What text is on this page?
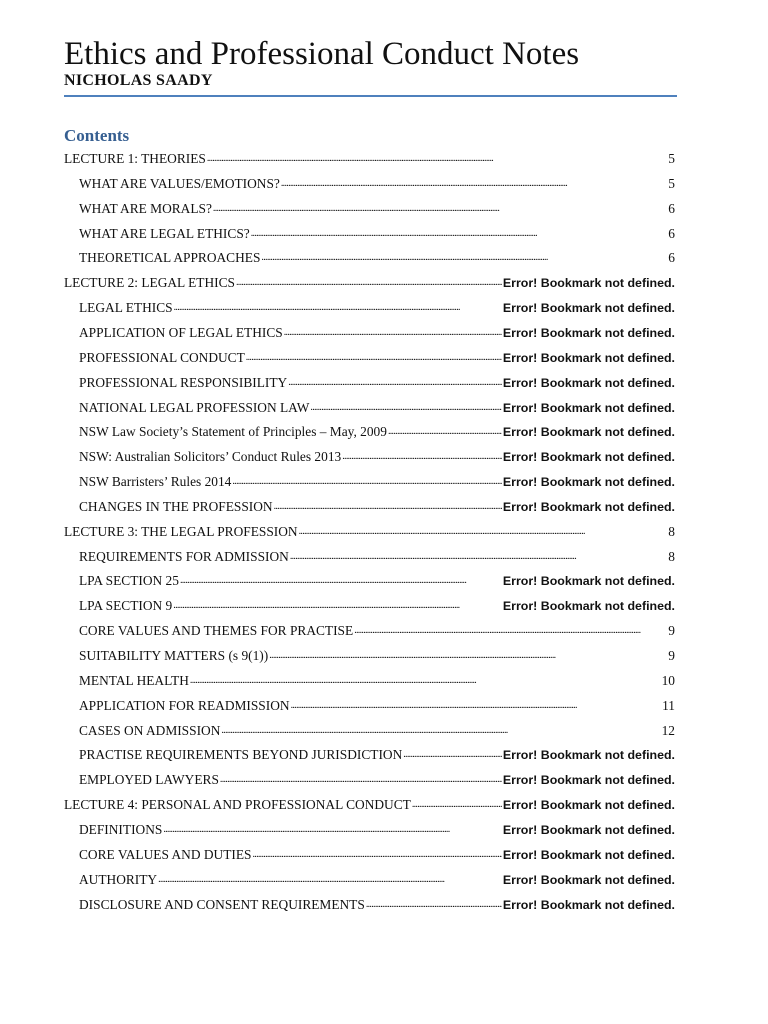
Ethics and Professional Conduct Notes
NICHOLAS SAADY
Contents
LECTURE 1: THEORIES . . .	5
WHAT ARE VALUES/EMOTIONS? . . .	5
WHAT ARE MORALS? . . .	6
WHAT ARE LEGAL ETHICS? . . .	6
THEORETICAL APPROACHES . . .	6
LECTURE 2: LEGAL ETHICS . . .	Error! Bookmark not defined.
LEGAL ETHICS . . .	Error! Bookmark not defined.
APPLICATION OF LEGAL ETHICS . . .	Error! Bookmark not defined.
PROFESSIONAL CONDUCT . . .	Error! Bookmark not defined.
PROFESSIONAL RESPONSIBILITY . . .	Error! Bookmark not defined.
NATIONAL LEGAL PROFESSION LAW . . .	Error! Bookmark not defined.
NSW Law Society’s Statement of Principles – May, 2009 . . .	Error! Bookmark not defined.
NSW: Australian Solicitors’ Conduct Rules 2013 . . .	Error! Bookmark not defined.
NSW Barristers’ Rules 2014 . . .	Error! Bookmark not defined.
CHANGES IN THE PROFESSION . . .	Error! Bookmark not defined.
LECTURE 3: THE LEGAL PROFESSION . . .	8
REQUIREMENTS FOR ADMISSION . . .	8
LPA SECTION 25 . . .	Error! Bookmark not defined.
LPA SECTION 9 . . .	Error! Bookmark not defined.
CORE VALUES AND THEMES FOR PRACTISE . . .	9
SUITABILITY MATTERS (s 9(1)) . . .	9
MENTAL HEALTH . . .	10
APPLICATION FOR READMISSION . . .	11
CASES ON ADMISSION . . .	12
PRACTISE REQUIREMENTS BEYOND JURISDICTION . . .	Error! Bookmark not defined.
EMPLOYED LAWYERS . . .	Error! Bookmark not defined.
LECTURE 4: PERSONAL AND PROFESSIONAL CONDUCT . . .	Error! Bookmark not defined.
DEFINITIONS . . .	Error! Bookmark not defined.
CORE VALUES AND DUTIES . . .	Error! Bookmark not defined.
AUTHORITY . . .	Error! Bookmark not defined.
DISCLOSURE AND CONSENT REQUIREMENTS . . .	Error! Bookmark not defined.
